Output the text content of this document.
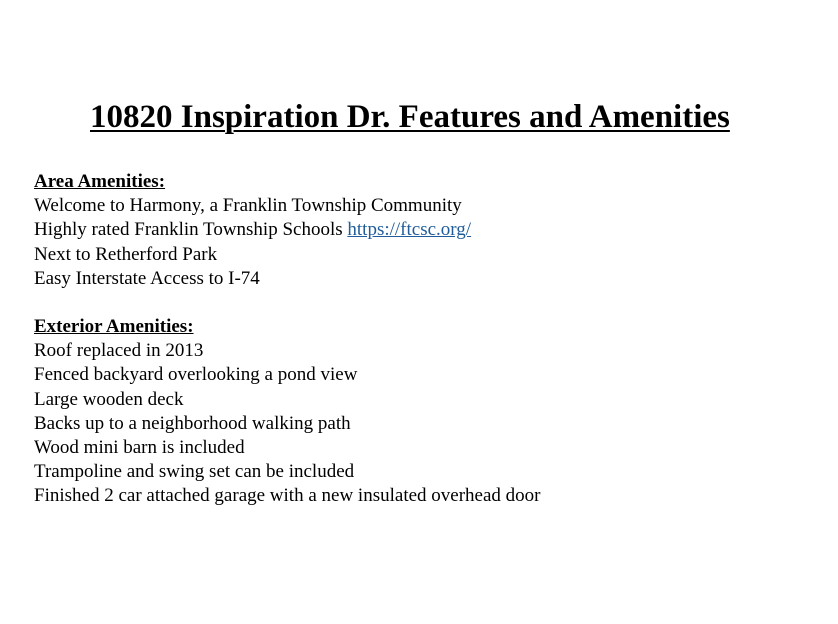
10820 Inspiration Dr. Features and Amenities
Area Amenities:
Welcome to Harmony, a Franklin Township Community
Highly rated Franklin Township Schools https://ftcsc.org/
Next to Retherford Park
Easy Interstate Access to I-74
Exterior Amenities:
Roof replaced in 2013
Fenced backyard overlooking a pond view
Large wooden deck
Backs up to a neighborhood walking path
Wood mini barn is included
Trampoline and swing set can be included
Finished 2 car attached garage with a new insulated overhead door
